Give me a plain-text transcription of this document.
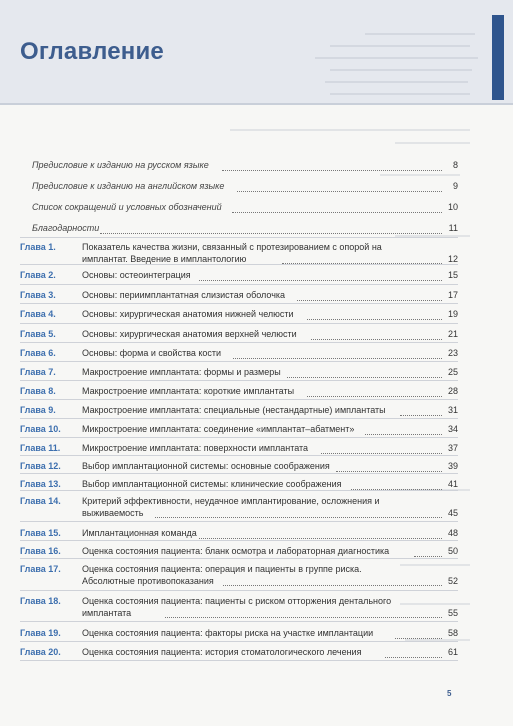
Оглавление
Предисловие к изданию на русском языке	8
Предисловие к изданию на английском языке	9
Список сокращений и условных обозначений	10
Благодарности	11
Глава 1.	Показатель качества жизни, связанный с протезированием с опорой на имплантат. Введение в имплантологию	12
Глава 2.	Основы: остеоинтеграция	15
Глава 3.	Основы: периимплантатная слизистая оболочка	17
Глава 4.	Основы: хирургическая анатомия нижней челюсти	19
Глава 5.	Основы: хирургическая анатомия верхней челюсти	21
Глава 6.	Основы: форма и свойства кости	23
Глава 7.	Макростроение имплантата: формы и размеры	25
Глава 8.	Макростроение имплантата: короткие имплантаты	28
Глава 9.	Макростроение имплантата: специальные (нестандартные) имплантаты	31
Глава 10.	Микростроение имплантата: соединение «имплантат–абатмент»	34
Глава 11.	Микростроение имплантата: поверхности имплантата	37
Глава 12.	Выбор имплантационной системы: основные соображения	39
Глава 13.	Выбор имплантационной системы: клинические соображения	41
Глава 14.	Критерий эффективности, неудачное имплантирование, осложнения и выживаемость	45
Глава 15.	Имплантационная команда	48
Глава 16.	Оценка состояния пациента: бланк осмотра и лабораторная диагностика	50
Глава 17.	Оценка состояния пациента: операция и пациенты в группе риска. Абсолютные противопоказания	52
Глава 18.	Оценка состояния пациента: пациенты с риском отторжения дентального имплантата	55
Глава 19.	Оценка состояния пациента: факторы риска на участке имплантации	58
Глава 20.	Оценка состояния пациента: история стоматологического лечения	61
5
